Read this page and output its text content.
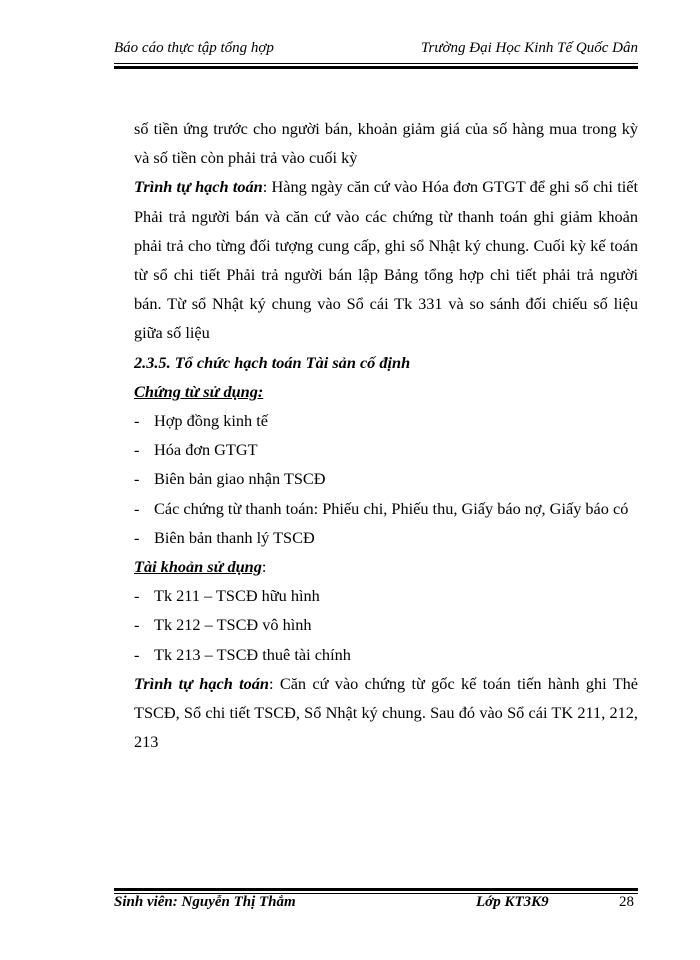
Báo cáo thực tập tổng hợp	Trường Đại Học Kinh Tế Quốc Dân

số tiền ứng trước cho người bán, khoản giảm giá của số hàng mua trong kỳ và số tiền còn phải trả vào cuối kỳ

Trình tự hạch toán: Hàng ngày căn cứ vào Hóa đơn GTGT để ghi sổ chi tiết Phải trả người bán và căn cứ vào các chứng từ thanh toán ghi giảm khoản phải trả cho từng đối tượng cung cấp, ghi sổ Nhật ký chung. Cuối kỳ kế toán từ sổ chi tiết Phải trả người bán lập Bảng tổng hợp chi tiết phải trả người bán. Từ sổ Nhật ký chung vào Sổ cái Tk 331 và so sánh đối chiếu số liệu giữa số liệu

2.3.5. Tổ chức hạch toán Tài sản cố định

Chứng từ sử dụng:

- Hợp đồng kinh tế

- Hóa đơn GTGT

- Biên bản giao nhận TSCĐ

- Các chứng từ thanh toán: Phiếu chi, Phiếu thu, Giấy báo nợ, Giấy báo có

- Biên bản thanh lý TSCĐ

Tài khoản sử dụng:

- Tk 211 – TSCĐ hữu hình

- Tk 212 – TSCĐ vô hình

- Tk 213 – TSCĐ thuê tài chính

Trình tự hạch toán: Căn cứ vào chứng từ gốc kế toán tiến hành ghi Thẻ TSCĐ, Sổ chi tiết TSCĐ, Sổ Nhật ký chung. Sau đó vào Sổ cái TK 211, 212, 213

Sinh viên: Nguyễn Thị Thắm	Lớp KT3K9	28
